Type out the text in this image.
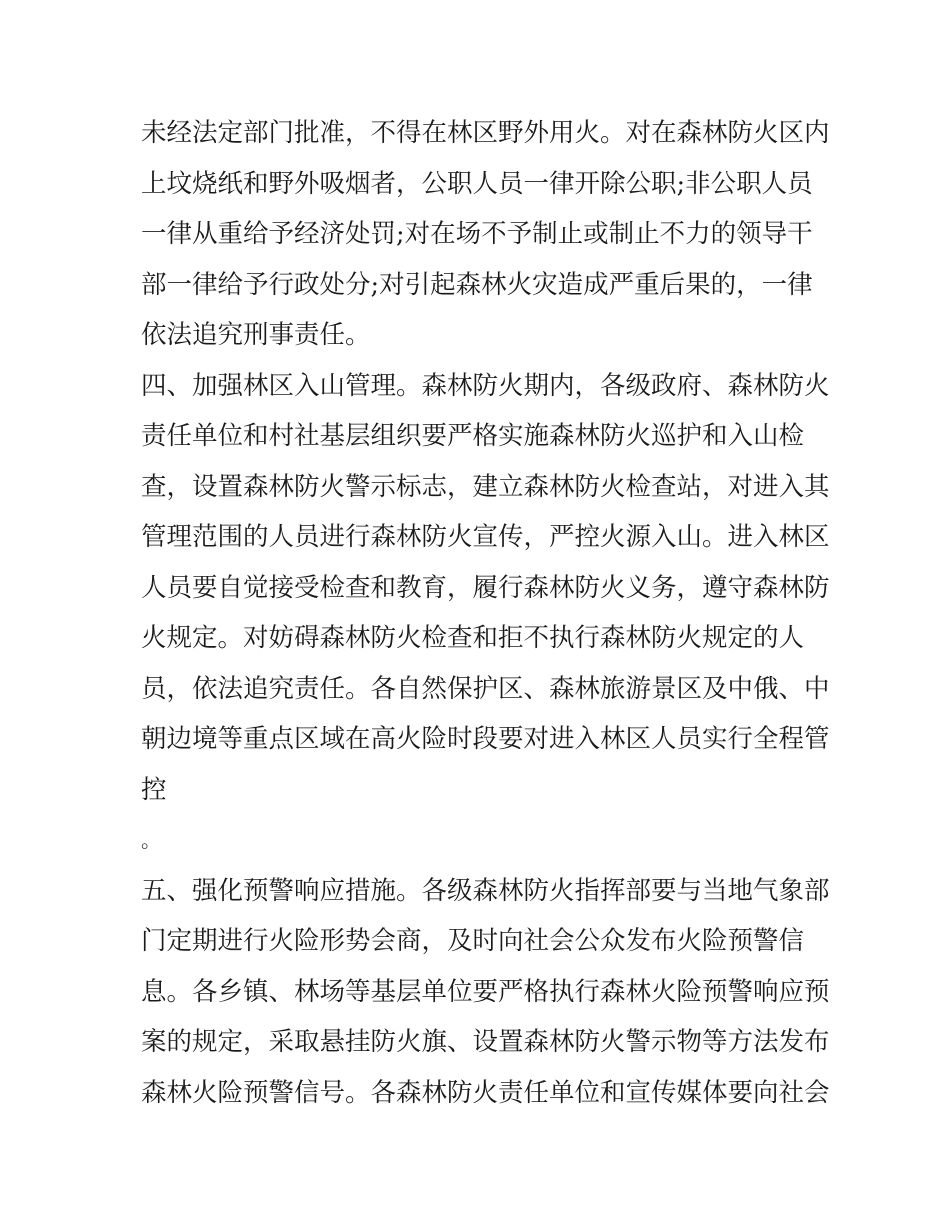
未经法定部门批准，不得在林区野外用火。对在森林防火区内
上坟烧纸和野外吸烟者，公职人员一律开除公职;非公职人员
一律从重给予经济处罚;对在场不予制止或制止不力的领导干
部一律给予行政处分;对引起森林火灾造成严重后果的，一律
依法追究刑事责任。
四、加强林区入山管理。森林防火期内，各级政府、森林防火
责任单位和村社基层组织要严格实施森林防火巡护和入山检
查，设置森林防火警示标志，建立森林防火检查站，对进入其
管理范围的人员进行森林防火宣传，严控火源入山。进入林区
人员要自觉接受检查和教育，履行森林防火义务，遵守森林防
火规定。对妨碍森林防火检查和拒不执行森林防火规定的人
员，依法追究责任。各自然保护区、森林旅游景区及中俄、中
朝边境等重点区域在高火险时段要对进入林区人员实行全程管
控
。
五、强化预警响应措施。各级森林防火指挥部要与当地气象部
门定期进行火险形势会商，及时向社会公众发布火险预警信
息。各乡镇、林场等基层单位要严格执行森林火险预警响应预
案的规定，采取悬挂防火旗、设置森林防火警示物等方法发布
森林火险预警信号。各森林防火责任单位和宣传媒体要向社会
